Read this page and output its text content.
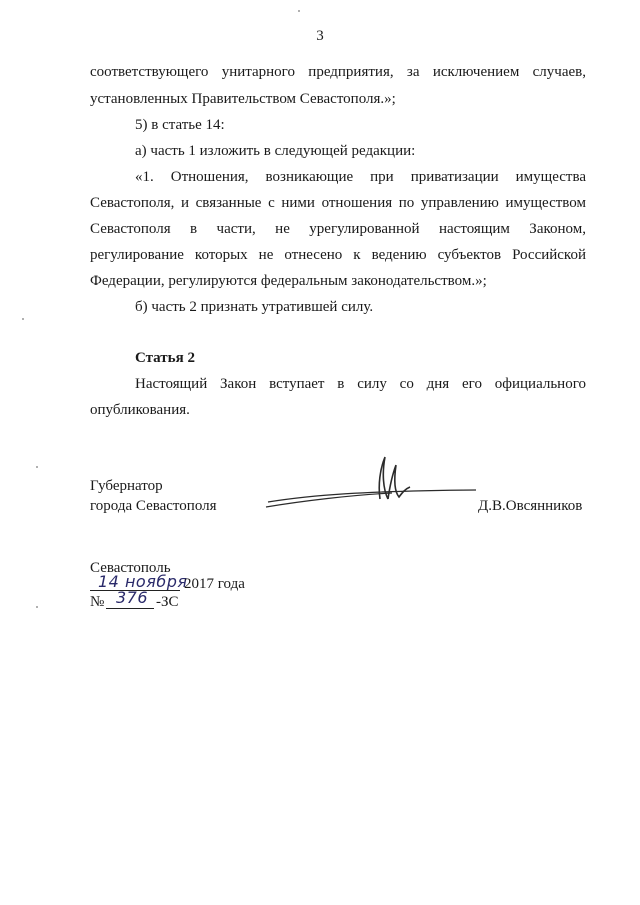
3
соответствующего унитарного предприятия, за исключением случаев,
установленных Правительством Севастополя.»;
5) в статье 14:
а) часть 1 изложить в следующей редакции:
«1. Отношения, возникающие при приватизации имущества
Севастополя, и связанные с ними отношения по управлению имуществом
Севастополя в части, не урегулированной настоящим Законом,
регулирование которых не отнесено к ведению субъектов Российской
Федерации, регулируются федеральным законодательством.»;
б) часть 2 признать утратившей силу.
Статья 2
Настоящий Закон вступает в силу со дня его официального
опубликования.
Губернатор
города Севастополя	Д.В.Овсянников
Севастополь
14 ноября
2017 года
№ 376 -ЗС
